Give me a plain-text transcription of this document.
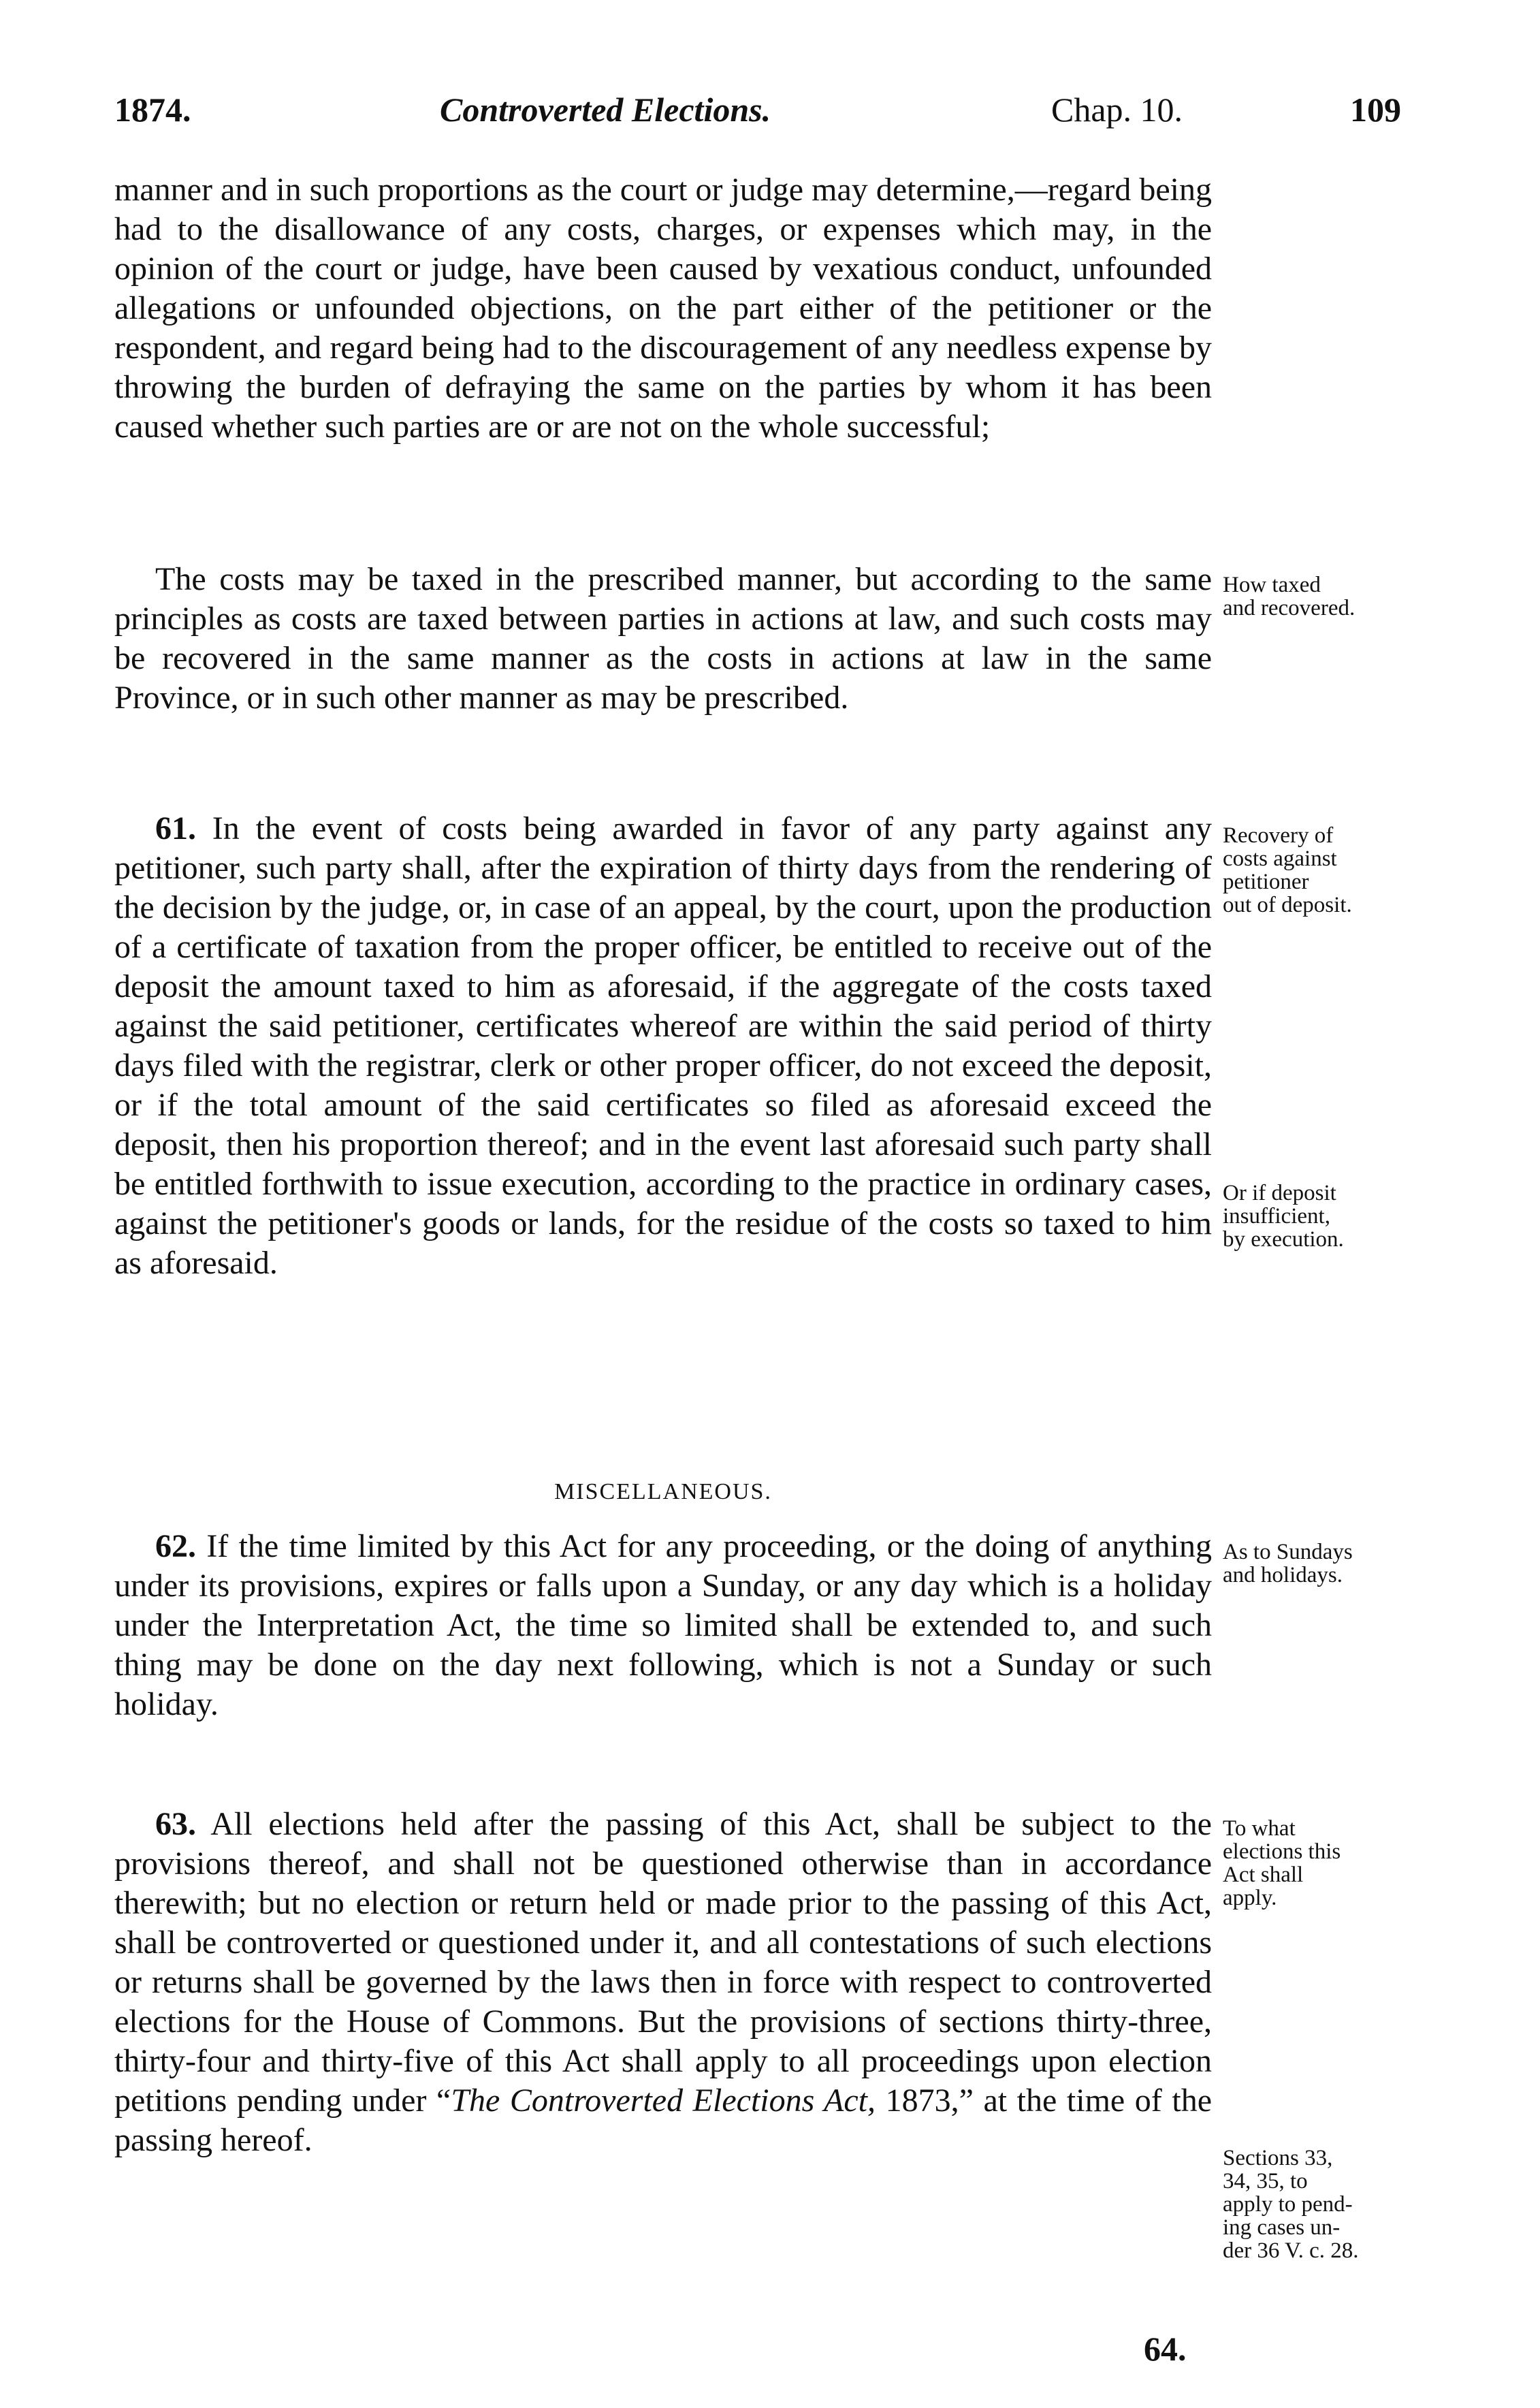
1874.	Controverted Elections.	Chap. 10.	109

manner and in such proportions as the court or judge may determine,—regard being had to the disallowance of any costs, charges, or expenses which may, in the opinion of the court or judge, have been caused by vexatious conduct, unfounded allegations or unfounded objections, on the part either of the petitioner or the respondent, and regard being had to the discouragement of any needless expense by throwing the burden of defraying the same on the parties by whom it has been caused whether such parties are or are not on the whole successful;

The costs may be taxed in the prescribed manner, but according to the same principles as costs are taxed between parties in actions at law, and such costs may be recovered in the same manner as the costs in actions at law in the same Province, or in such other manner as may be prescribed.

How taxed
and recovered.

61. In the event of costs being awarded in favor of any party against any petitioner, such party shall, after the expiration of thirty days from the rendering of the decision by the judge, or, in case of an appeal, by the court, upon the production of a certificate of taxation from the proper officer, be entitled to receive out of the deposit the amount taxed to him as aforesaid, if the aggregate of the costs taxed against the said petitioner, certificates whereof are within the said period of thirty days filed with the registrar, clerk or other proper officer, do not exceed the deposit, or if the total amount of the said certificates so filed as aforesaid exceed the deposit, then his proportion thereof; and in the event last aforesaid such party shall be entitled forthwith to issue execution, according to the practice in ordinary cases, against the petitioner's goods or lands, for the residue of the costs so taxed to him as aforesaid.

Recovery of
costs against
petitioner
out of deposit.
Or if deposit
insufficient,
by execution.
MISCELLANEOUS.

62. If the time limited by this Act for any proceeding, or the doing of anything under its provisions, expires or falls upon a Sunday, or any day which is a holiday under the Interpretation Act, the time so limited shall be extended to, and such thing may be done on the day next following, which is not a Sunday or such holiday.

As to Sundays
and holidays.

63. All elections held after the passing of this Act, shall be subject to the provisions thereof, and shall not be questioned otherwise than in accordance therewith; but no election or return held or made prior to the passing of this Act, shall be controverted or questioned under it, and all contestations of such elections or returns shall be governed by the laws then in force with respect to controverted elections for the House of Commons. But the provisions of sections thirty-three, thirty-four and thirty-five of this Act shall apply to all proceedings upon election petitions pending under “The Controverted Elections Act, 1873,” at the time of the passing hereof.

To what
elections this
Act shall
apply.
Sections 33,
34, 35, to
apply to pend-
ing cases un-
der 36 V. c. 28.
64.
